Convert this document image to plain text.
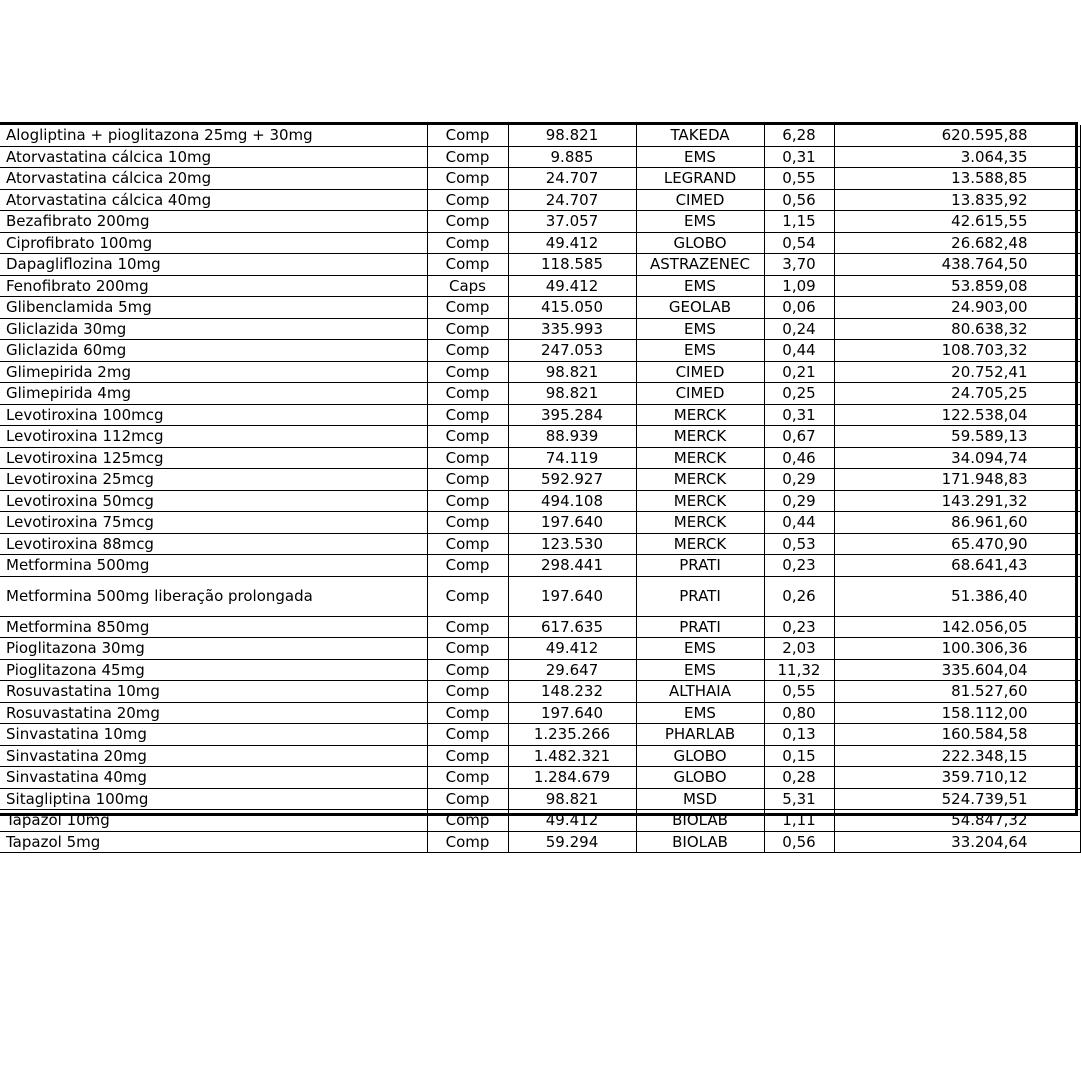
Alogliptina + pioglitazona 25mg + 30mg	Comp	98.821	TAKEDA	6,28	620.595,88
Atorvastatina cálcica 10mg	Comp	9.885	EMS	0,31	3.064,35
Atorvastatina cálcica 20mg	Comp	24.707	LEGRAND	0,55	13.588,85
Atorvastatina cálcica 40mg	Comp	24.707	CIMED	0,56	13.835,92
Bezafibrato 200mg	Comp	37.057	EMS	1,15	42.615,55
Ciprofibrato 100mg	Comp	49.412	GLOBO	0,54	26.682,48
Dapagliflozina 10mg	Comp	118.585	ASTRAZENEC	3,70	438.764,50
Fenofibrato 200mg	Caps	49.412	EMS	1,09	53.859,08
Glibenclamida 5mg	Comp	415.050	GEOLAB	0,06	24.903,00
Gliclazida 30mg	Comp	335.993	EMS	0,24	80.638,32
Gliclazida 60mg	Comp	247.053	EMS	0,44	108.703,32
Glimepirida 2mg	Comp	98.821	CIMED	0,21	20.752,41
Glimepirida 4mg	Comp	98.821	CIMED	0,25	24.705,25
Levotiroxina 100mcg	Comp	395.284	MERCK	0,31	122.538,04
Levotiroxina 112mcg	Comp	88.939	MERCK	0,67	59.589,13
Levotiroxina 125mcg	Comp	74.119	MERCK	0,46	34.094,74
Levotiroxina 25mcg	Comp	592.927	MERCK	0,29	171.948,83
Levotiroxina 50mcg	Comp	494.108	MERCK	0,29	143.291,32
Levotiroxina 75mcg	Comp	197.640	MERCK	0,44	86.961,60
Levotiroxina 88mcg	Comp	123.530	MERCK	0,53	65.470,90
Metformina 500mg	Comp	298.441	PRATI	0,23	68.641,43
Metformina 500mg liberação prolongada	Comp	197.640	PRATI	0,26	51.386,40
Metformina 850mg	Comp	617.635	PRATI	0,23	142.056,05
Pioglitazona 30mg	Comp	49.412	EMS	2,03	100.306,36
Pioglitazona 45mg	Comp	29.647	EMS	11,32	335.604,04
Rosuvastatina 10mg	Comp	148.232	ALTHAIA	0,55	81.527,60
Rosuvastatina 20mg	Comp	197.640	EMS	0,80	158.112,00
Sinvastatina 10mg	Comp	1.235.266	PHARLAB	0,13	160.584,58
Sinvastatina 20mg	Comp	1.482.321	GLOBO	0,15	222.348,15
Sinvastatina 40mg	Comp	1.284.679	GLOBO	0,28	359.710,12
Sitagliptina 100mg	Comp	98.821	MSD	5,31	524.739,51
Tapazol 10mg	Comp	49.412	BIOLAB	1,11	54.847,32
Tapazol 5mg	Comp	59.294	BIOLAB	0,56	33.204,64
